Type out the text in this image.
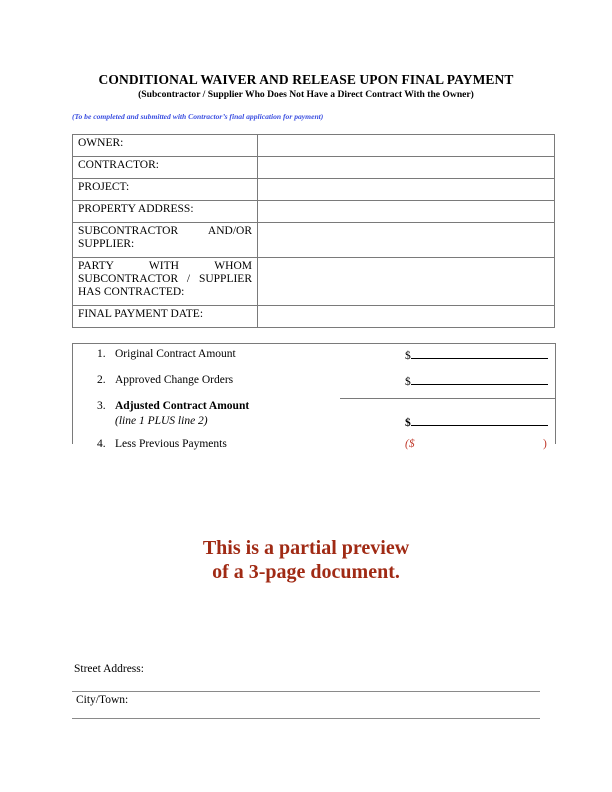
CONDITIONAL WAIVER AND RELEASE UPON FINAL PAYMENT
(Subcontractor / Supplier Who Does Not Have a Direct Contract With the Owner)
(To be completed and submitted with Contractor’s final application for payment)
OWNER:	
CONTRACTOR:	
PROJECT:	
PROPERTY ADDRESS:	
SUBCONTRACTOR AND/OR SUPPLIER:	
PARTY WITH WHOM SUBCONTRACTOR / SUPPLIER HAS CONTRACTED:	
FINAL PAYMENT DATE:	
1. Original Contract Amount	$
2. Approved Change Orders	$
3. Adjusted Contract Amount
(line 1 PLUS line 2)	$
4. Less Previous Payments	($	)
This is a partial preview
of a 3-page document.
Street Address:
City/Town:
